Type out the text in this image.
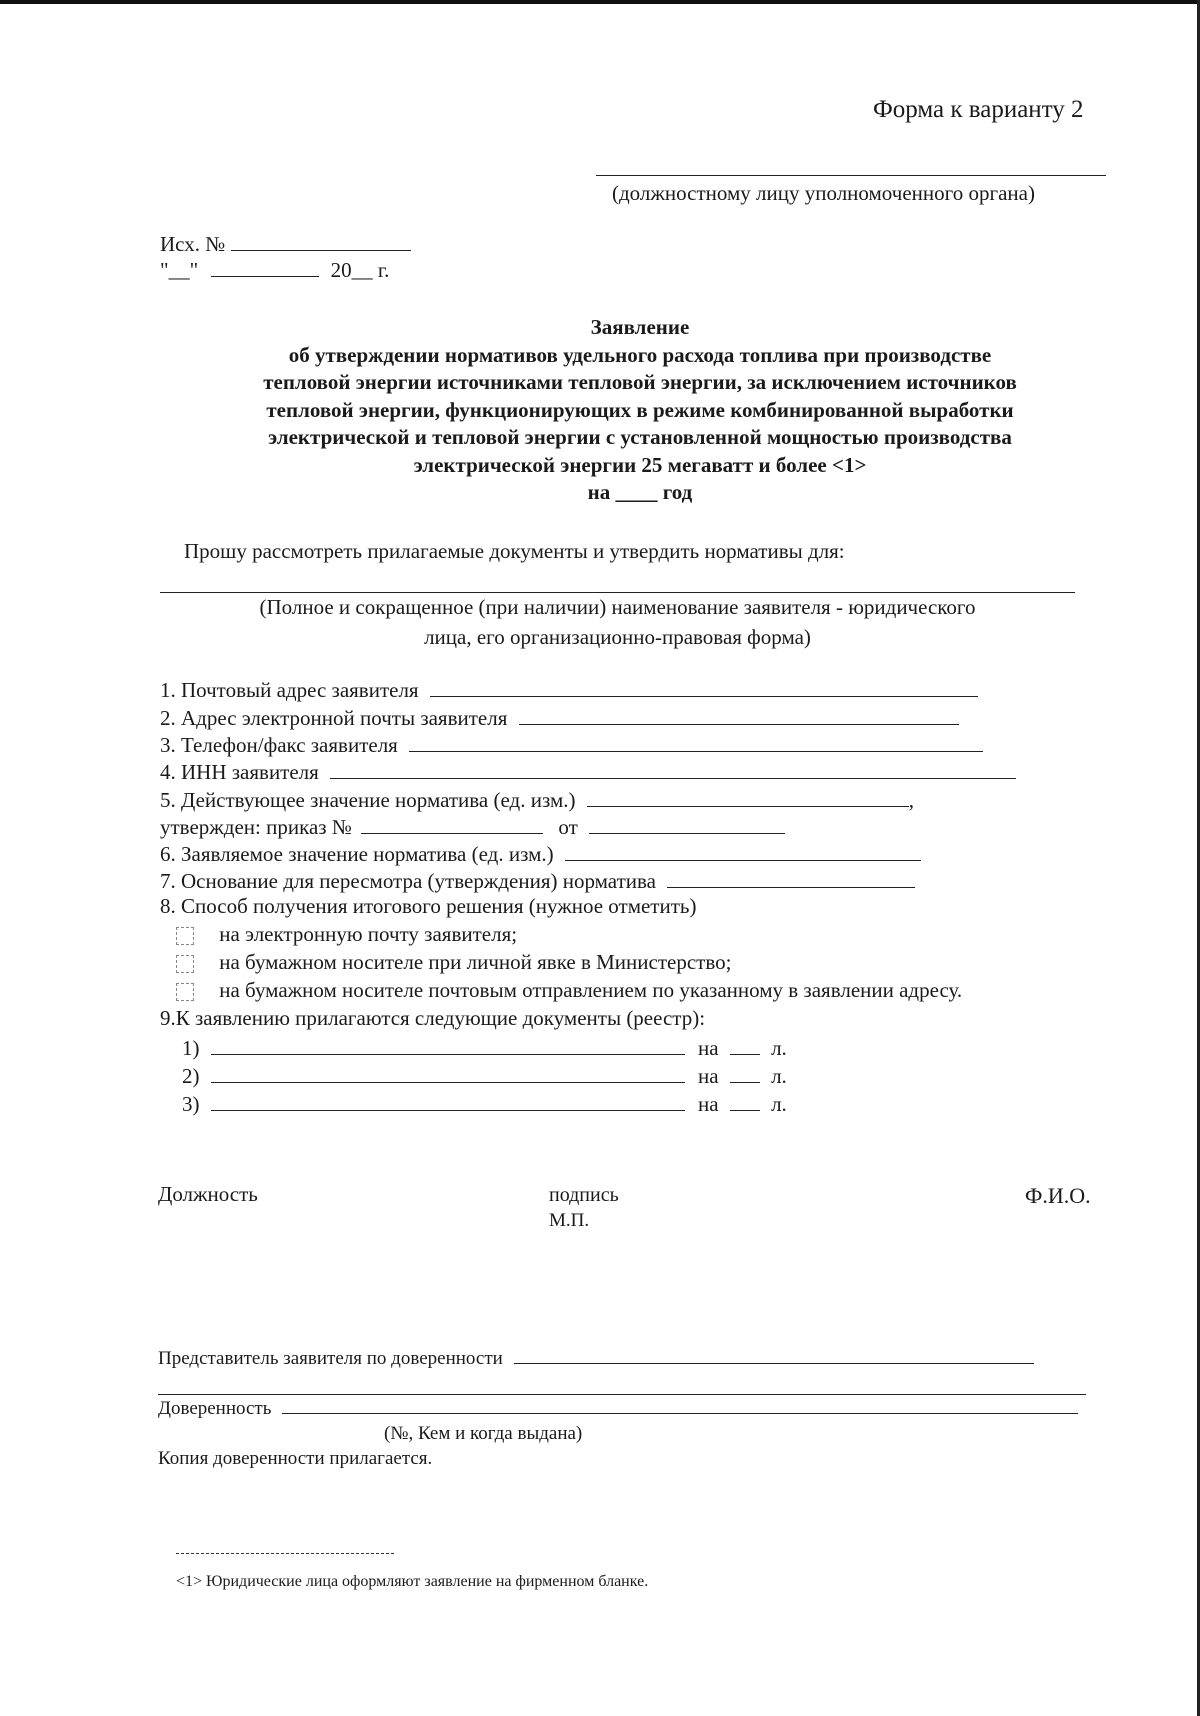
Форма к варианту 2
(должностному лицу уполномоченного органа)
Исх. №
"__"	20__ г.
Заявление
об утверждении нормативов удельного расхода топлива при производстве
тепловой энергии источниками тепловой энергии, за исключением источников
тепловой энергии, функционирующих в режиме комбинированной выработки
электрической и тепловой энергии с установленной мощностью производства
электрической энергии 25 мегаватт и более <1>
на ____ год
Прошу рассмотреть прилагаемые документы и утвердить нормативы для:
(Полное и сокращенное (при наличии) наименование заявителя - юридического
лица, его организационно-правовая форма)
1. Почтовый адрес заявителя
2. Адрес электронной почты заявителя
3. Телефон/факс заявителя
4. ИНН заявителя
5. Действующее значение норматива (ед. изм.)	,
утвержден: приказ №	от
6. Заявляемое значение норматива (ед. изм.)
7. Основание для пересмотра (утверждения) норматива
8. Способ получения итогового решения (нужное отметить)
на электронную почту заявителя;
на бумажном носителе при личной явке в Министерство;
на бумажном носителе почтовым отправлением по указанному в заявлении адресу.
9.К заявлению прилагаются следующие документы (реестр):
1)	на	л.
2)	на	л.
3)	на	л.
Должность	подпись
М.П.
Ф.И.О.
Представитель заявителя по доверенности
Доверенность
(№, Кем и когда выдана)
Копия доверенности прилагается.
<1> Юридические лица оформляют заявление на фирменном бланке.
